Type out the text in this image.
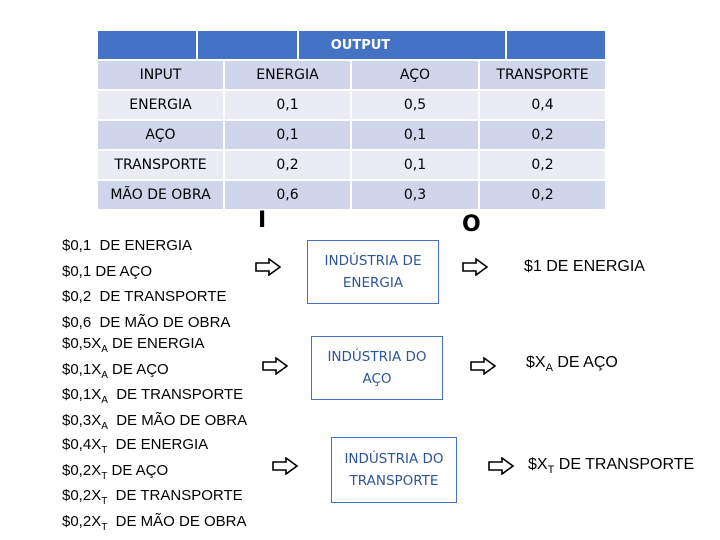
OUTPUT
INPUT	ENERGIA	AÇO	TRANSPORTE
ENERGIA	0,1	0,5	0,4
AÇO	0,1	0,1	0,2
TRANSPORTE	0,2	0,1	0,2
MÃO DE OBRA	0,6	0,3	0,2
I	O
$0,1 DE ENERGIA
$0,1 DE AÇO
$0,2 DE TRANSPORTE
$0,6 DE MÃO DE OBRA
INDÚSTRIA DE ENERGIA
$1 DE ENERGIA
$\$0,5X_A$ DE ENERGIA
$\$0,1X_A$ DE AÇO
$\$0,1X_A$ DE TRANSPORTE
$\$0,3X_A$ DE MÃO DE OBRA
INDÚSTRIA DO AÇO
$\$X_A$ DE AÇO
$\$0,4X_T$ DE ENERGIA
$\$0,2X_T$ DE AÇO
$\$0,2X_T$ DE TRANSPORTE
$\$0,2X_T$ DE MÃO DE OBRA
INDÚSTRIA DO TRANSPORTE
$\$X_T$ DE TRANSPORTE
